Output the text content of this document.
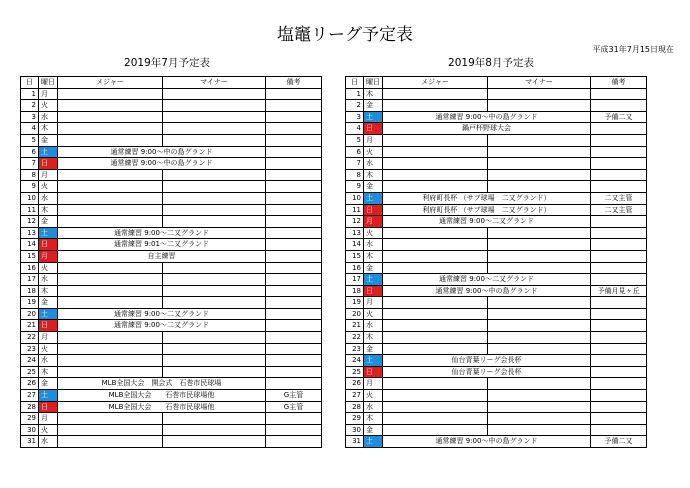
塩竈リーグ予定表
平成31年7月15日現在
2019年7月予定表	2019年8月予定表
日	曜日	メジャー	マイナー	備考
1	月			
2	火			
3	水			
4	木			
5	金			
6	土	通常練習 9:00～中の島グランド		
7	日	通常練習 9:00～中の島グランド		
8	月			
9	火			
10	水			
11	木			
12	金			
13	土	通常練習 9:00～二又グランド		
14	日	通常練習 9:01～二又グランド		
15	月	自主練習		
16	火			
17	水			
18	木			
19	金			
20	土	通常練習 9:00～二又グランド		
21	日	通常練習 9:00～二又グランド		
22	月			
23	火			
24	水			
25	木			
26	金	MLB全国大会　開会式　石巻市民球場		
27	土	MLB全国大会　　石巻市民球場他		G主管
28	日	MLB全国大会　　石巻市民球場他		G主管
29	月			
30	火			
31	水			
日	曜日	メジャー	マイナー	備考
1	木			
2	金			
3	土	通常練習 9:00～中の島グランド		予備二又
4	日	鍋戸杯野球大会		
5	月			
6	火			
7	水			
8	木			
9	金			
10	土	利府町長杯 （サブ球場　二又グランド）		二又主管
11	日	利府町長杯 （サブ球場　二又グランド）		二又主管
12	月	通常練習 9:00～二又グランド		
13	火			
14	水			
15	木			
16	金			
17	土	通常練習 9:00～二又グランド		
18	日	通常練習 9:00～中の島グランド		予備月見ヶ丘
19	月			
20	火			
21	水			
22	木			
23	金			
24	土	仙台青葉リーグ会長杯		
25	日	仙台青葉リーグ会長杯		
26	月			
27	火			
28	水			
29	木			
30	金			
31	土	通常練習 9:00～中の島グランド		予備二又
